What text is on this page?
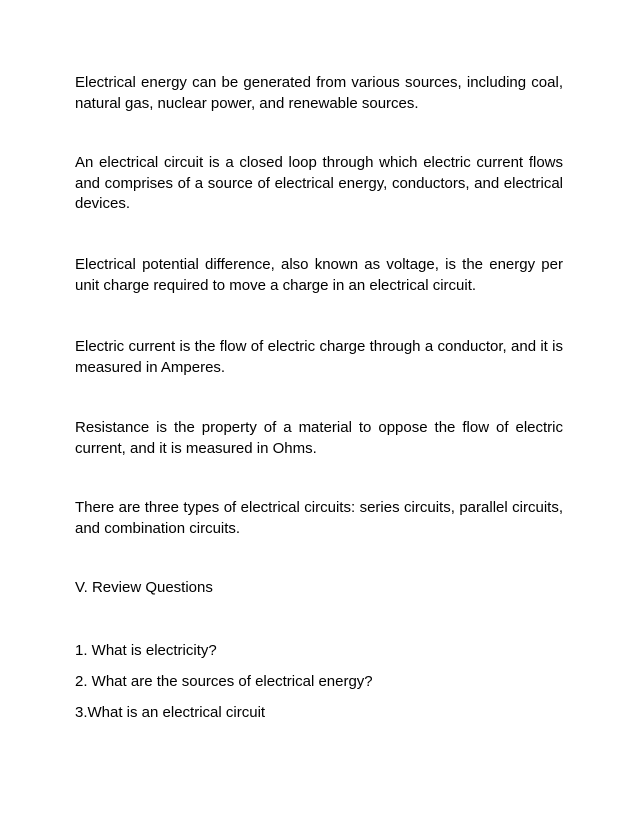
Electrical energy can be generated from various sources, including coal, natural gas, nuclear power, and renewable sources.

An electrical circuit is a closed loop through which electric current flows and comprises of a source of electrical energy, conductors, and electrical devices.

Electrical potential difference, also known as voltage, is the energy per unit charge required to move a charge in an electrical circuit.

Electric current is the flow of electric charge through a conductor, and it is measured in Amperes.

Resistance is the property of a material to oppose the flow of electric current, and it is measured in Ohms.

There are three types of electrical circuits: series circuits, parallel circuits, and combination circuits.

V. Review Questions

1. What is electricity?

2. What are the sources of electrical energy?

3.What is an electrical circuit
